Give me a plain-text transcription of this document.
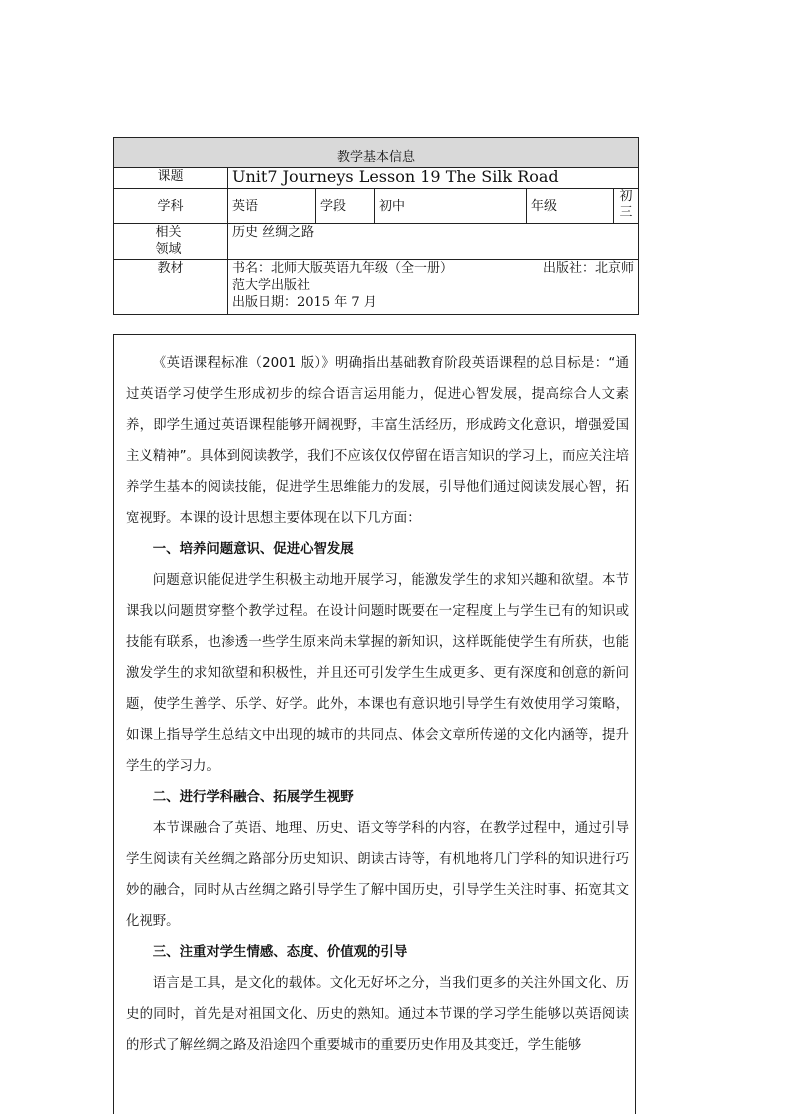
教学基本信息					
课题	Unit7 Journeys Lesson 19 The Silk Road				
学科	英语	学段	初中	年级	初三

相关领域	历史 丝绸之路				
教材	书名：北师大版英语九年级（全一册） 出版社：北京师
范大学出版社
出版日期：2015 年 7 月				

《英语课程标准（2001 版）》明确指出基础教育阶段英语课程的总目标是：“通过英语学习使学生形成初步的综合语言运用能力，促进心智发展，提高综合人文素养，即学生通过英语课程能够开阔视野，丰富生活经历，形成跨文化意识，增强爱国主义精神”。具体到阅读教学，我们不应该仅仅停留在语言知识的学习上，而应关注培养学生基本的阅读技能，促进学生思维能力的发展，引导他们通过阅读发展心智，拓宽视野。本课的设计思想主要体现在以下几方面：

一、培养问题意识、促进心智发展

问题意识能促进学生积极主动地开展学习，能激发学生的求知兴趣和欲望。本节课我以问题贯穿整个教学过程。在设计问题时既要在一定程度上与学生已有的知识或技能有联系，也渗透一些学生原来尚未掌握的新知识，这样既能使学生有所获，也能激发学生的求知欲望和积极性，并且还可引发学生生成更多、更有深度和创意的新问题，使学生善学、乐学、好学。此外，本课也有意识地引导学生有效使用学习策略，如课上指导学生总结文中出现的城市的共同点、体会文章所传递的文化内涵等，提升学生的学习力。

二、进行学科融合、拓展学生视野

本节课融合了英语、地理、历史、语文等学科的内容，在教学过程中，通过引导学生阅读有关丝绸之路部分历史知识、朗读古诗等，有机地将几门学科的知识进行巧妙的融合，同时从古丝绸之路引导学生了解中国历史，引导学生关注时事、拓宽其文化视野。

三、注重对学生情感、态度、价值观的引导

语言是工具，是文化的载体。文化无好坏之分，当我们更多的关注外国文化、历史的同时，首先是对祖国文化、历史的熟知。通过本节课的学习学生能够以英语阅读的形式了解丝绸之路及沿途四个重要城市的重要历史作用及其变迁，学生能够
